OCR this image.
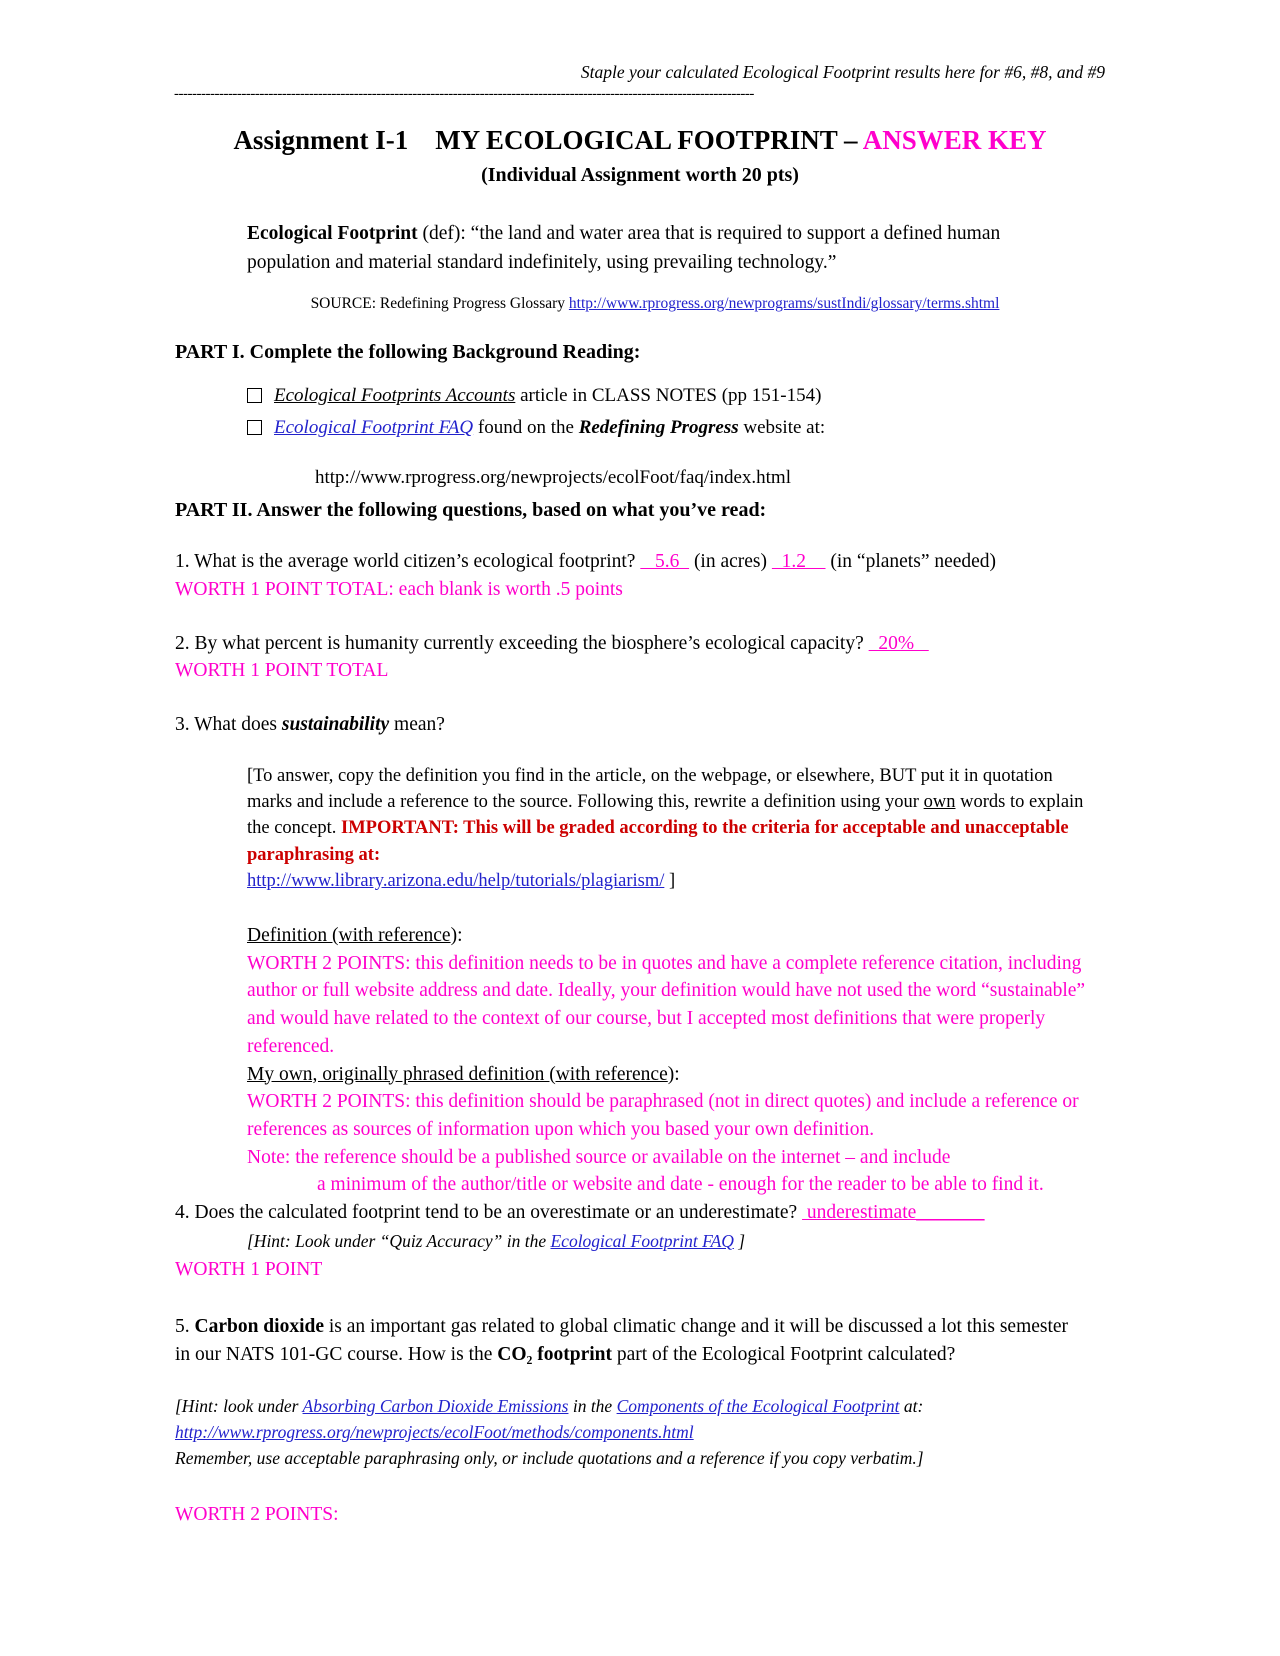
Staple your calculated Ecological Footprint results here for #6, #8, and #9

---------------------------------------------------------------------------------------------------------------------------------

Assignment I-1 MY ECOLOGICAL FOOTPRINT – ANSWER KEY

(Individual Assignment worth 20 pts)

Ecological Footprint (def): “the land and water area that is required to support a defined human population and material standard indefinitely, using prevailing technology.”

SOURCE: Redefining Progress Glossary http://www.rprogress.org/newprograms/sustIndi/glossary/terms.shtml

PART I. Complete the following Background Reading:

Ecological Footprints Accounts article in CLASS NOTES (pp 151-154)
Ecological Footprint FAQ found on the Redefining Progress website at:

http://www.rprogress.org/newprojects/ecolFoot/faq/index.html

PART II. Answer the following questions, based on what you’ve read:

1. What is the average world citizen’s ecological footprint?    5.6   (in acres)   1.2     (in “planets” needed)

WORTH 1 POINT TOTAL: each blank is worth .5 points

2. By what percent is humanity currently exceeding the biosphere’s ecological capacity?   20%

WORTH 1 POINT TOTAL

3. What does sustainability mean?

[To answer, copy the definition you find in the article, on the webpage, or elsewhere, BUT put it in quotation marks and include a reference to the source. Following this, rewrite a definition using your own words to explain the concept. IMPORTANT: This will be graded according to the criteria for acceptable and unacceptable paraphrasing at:
http://www.library.arizona.edu/help/tutorials/plagiarism/ ]

Definition (with reference):

WORTH 2 POINTS: this definition needs to be in quotes and have a complete reference citation, including author or full website address and date. Ideally, your definition would have not used the word “sustainable” and would have related to the context of our course, but I accepted most definitions that were properly referenced.

My own, originally phrased definition (with reference):

WORTH 2 POINTS: this definition should be paraphrased (not in direct quotes) and include a reference or references as sources of information upon which you based your own definition.

Note: the reference should be a published source or available on the internet – and include

a minimum of the author/title or website and date - enough for the reader to be able to find it.

4. Does the calculated footprint tend to be an overestimate or an underestimate?  underestimate_______

[Hint: Look under “Quiz Accuracy” in the Ecological Footprint FAQ ]

WORTH 1 POINT

5. Carbon dioxide is an important gas related to global climatic change and it will be discussed a lot this semester in our NATS 101-GC course. How is the CO₂ footprint part of the Ecological Footprint calculated?

[Hint: look under Absorbing Carbon Dioxide Emissions in the Components of the Ecological Footprint at:
http://www.rprogress.org/newprojects/ecolFoot/methods/components.html
Remember, use acceptable paraphrasing only, or include quotations and a reference if you copy verbatim.]

WORTH 2 POINTS:
